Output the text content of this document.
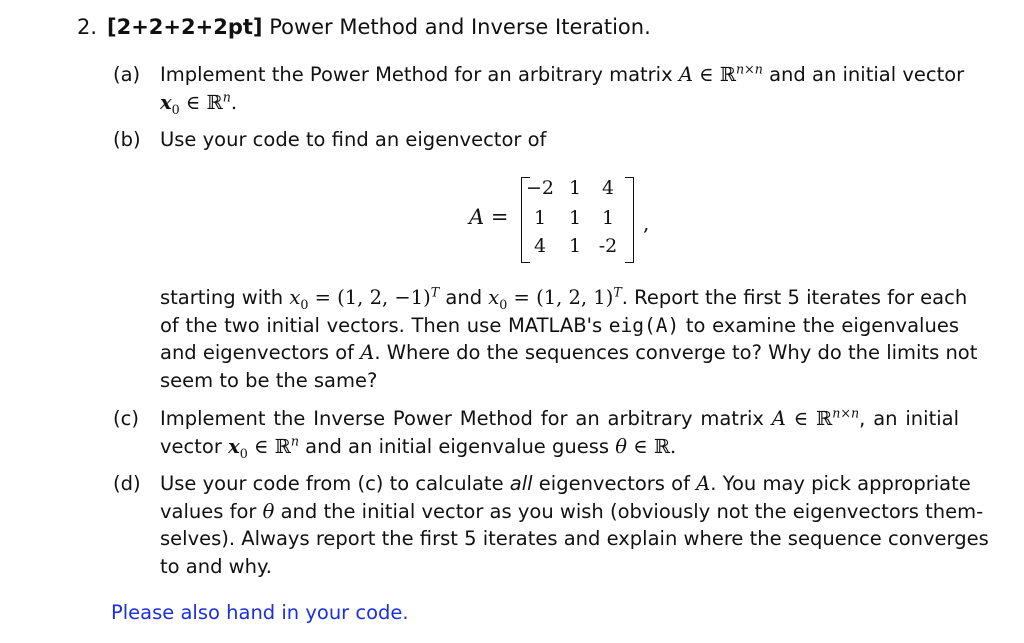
2. [2+2+2+2pt] Power Method and Inverse Iteration.
(a)	Implement the Power Method for an arbitrary matrix A ∈ ℝ$^{n\times n}$ and an initial vector
$x_0$ ∈ ℝ$^n$.
(b) Use your code to find an eigenvector of
A =
−2 1	4
1	1	1
4	1 -2
,
starting with $x_0 = (1$, 2, −1)$^T$ and $x_0 = (1$, 2, 1)$^T$. Report the first 5 iterates for each
of the two initial vectors. Then use MATLAB's eig(A) to examine the eigenvalues
and eigenvectors of A. Where do the sequences converge to? Why do the limits not
seem to be the same?
(c)	Implement the Inverse Power Method for an arbitrary matrix A ∈ ℝ$^{n\times n}$, an initial
vector $x_0$ ∈ ℝ$^n$ and an initial eigenvalue guess θ ∈ ℝ.
(d) Use your code from (c) to calculate all eigenvectors of A. You may pick appropriate
values for θ and the initial vector as you wish (obviously not the eigenvectors them-
selves). Always report the first 5 iterates and explain where the sequence converges
to and why.
Please also hand in your code.
